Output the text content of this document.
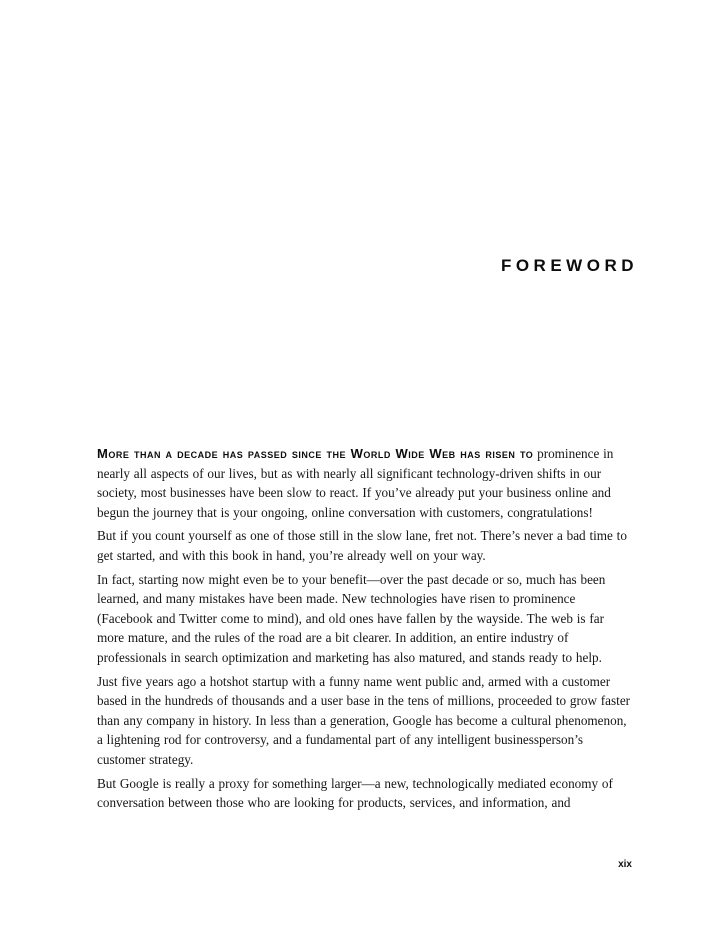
FOREWORD

More than a decade has passed since the World Wide Web has risen to prominence in nearly all aspects of our lives, but as with nearly all significant technology-driven shifts in our society, most businesses have been slow to react. If you’ve already put your business online and begun the journey that is your ongoing, online conversation with customers, congratulations!

But if you count yourself as one of those still in the slow lane, fret not. There’s never a bad time to get started, and with this book in hand, you’re already well on your way.

In fact, starting now might even be to your benefit—over the past decade or so, much has been learned, and many mistakes have been made. New technologies have risen to prominence (Facebook and Twitter come to mind), and old ones have fallen by the wayside. The web is far more mature, and the rules of the road are a bit clearer. In addition, an entire industry of professionals in search optimization and marketing has also matured, and stands ready to help.

Just five years ago a hotshot startup with a funny name went public and, armed with a customer based in the hundreds of thousands and a user base in the tens of millions, proceeded to grow faster than any company in history. In less than a generation, Google has become a cultural phenomenon, a lightening rod for controversy, and a fundamental part of any intelligent businessperson’s customer strategy.

But Google is really a proxy for something larger—a new, technologically mediated economy of conversation between those who are looking for products, services, and information, and

xix
